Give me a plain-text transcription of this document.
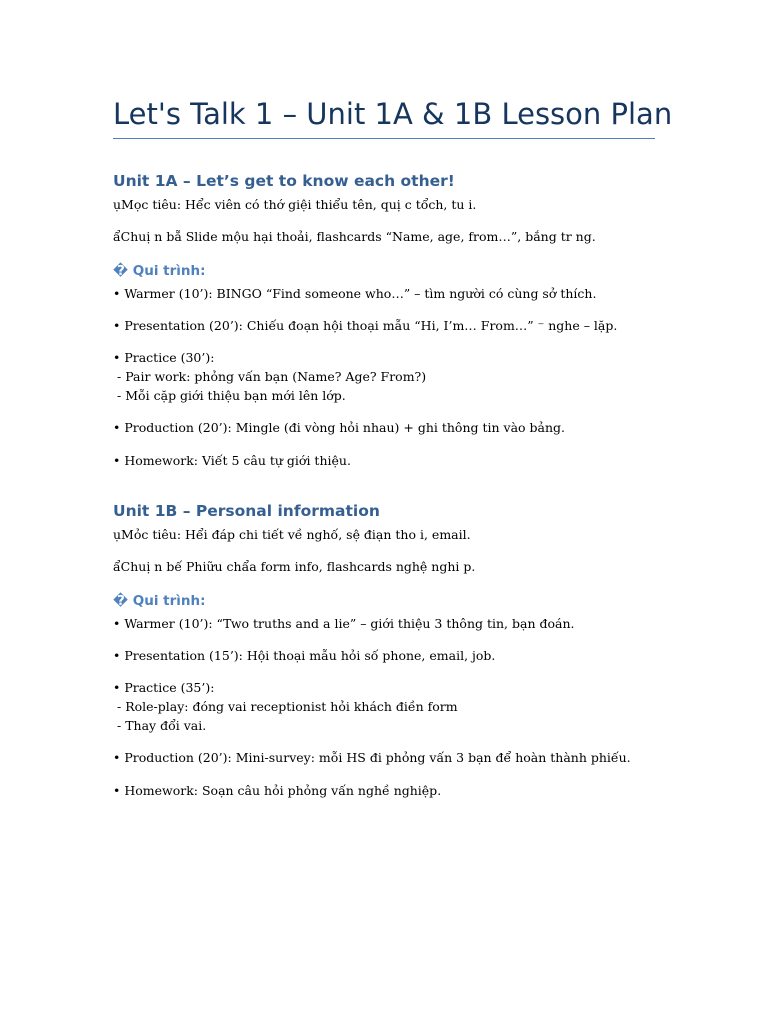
Let's Talk 1 – Unit 1A & 1B Lesson Plan
Unit 1A – Let’s get to know each other!

ụMọc tiêu: Hểc viên có thớ giệi thiểu tên, quị c tổch, tu i.

ẩChuị n bẵ Slide mộu hại thoải, flashcards “Name, age, from…”, bắng tr ng.

� Qui trình:

• Warmer (10’): BINGO “Find someone who…” – tìm người có cùng sở thích.

• Presentation (20’): Chiếu đoạn hội thoại mẫu “Hi, I’m… From…” ⁻ nghe – lặp.

• Practice (30’):

- Pair work: phỏng vấn bạn (Name? Age? From?)

- Mỗi cặp giới thiệu bạn mới lên lớp.

• Production (20’): Mingle (đi vòng hỏi nhau) + ghi thông tin vào bảng.

• Homework: Viết 5 câu tự giới thiệu.

Unit 1B – Personal information

ụMỏc tiêu: Hểi đáp chi tiết về nghố, sệ điạn tho i, email.

ẩChuị n bế Phiữu chẩa form info, flashcards nghệ nghi p.

� Qui trình:

• Warmer (10’): “Two truths and a lie” – giới thiệu 3 thông tin, bạn đoán.

• Presentation (15’): Hội thoại mẫu hỏi số phone, email, job.

• Practice (35’):

- Role-play: đóng vai receptionist hỏi khách điền form

- Thay đổi vai.

• Production (20’): Mini-survey: mỗi HS đi phỏng vấn 3 bạn để hoàn thành phiếu.

• Homework: Soạn câu hỏi phỏng vấn nghề nghiệp.
